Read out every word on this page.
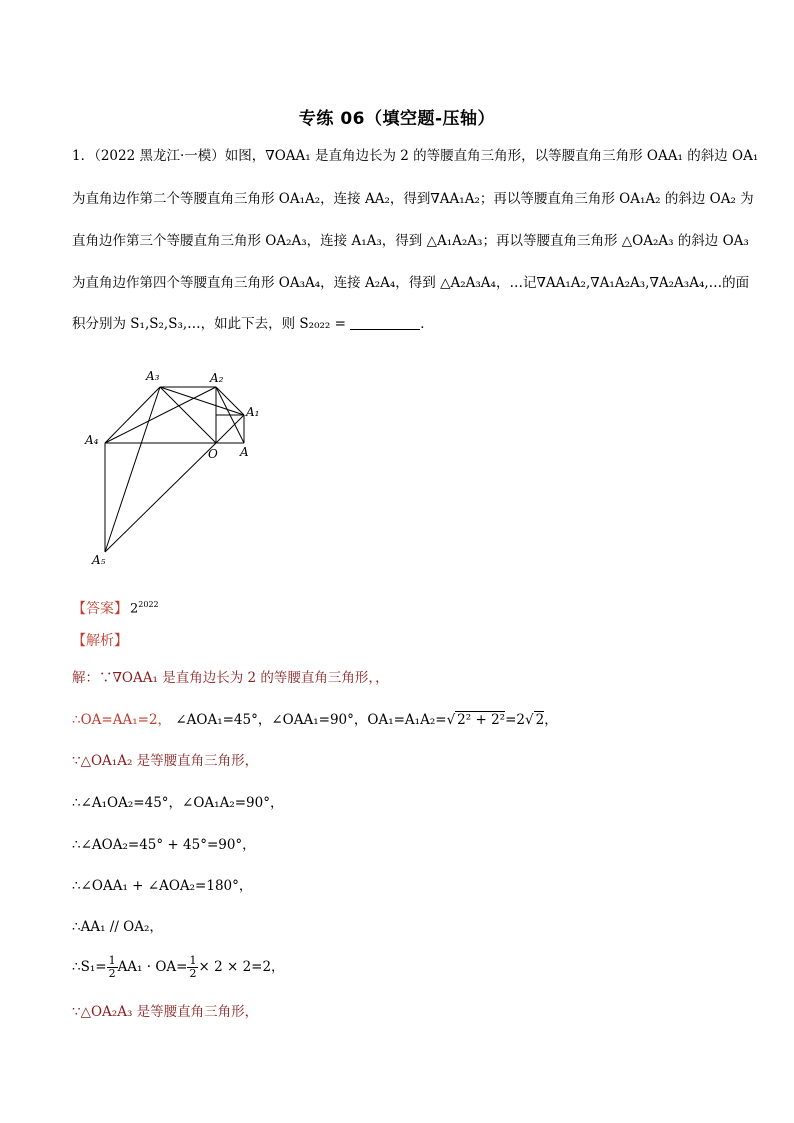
专练 06（填空题-压轴）
1．（2022 黑龙江·一模）如图，∇OAA₁ 是直角边长为 2 的等腰直角三角形，以等腰直角三角形 OAA₁ 的斜边 OA₁
为直角边作第二个等腰直角三角形 OA₁A₂，连接 AA₂，得到∇AA₁A₂；再以等腰直角三角形 OA₁A₂ 的斜边 OA₂ 为
直角边作第三个等腰直角三角形 OA₂A₃，连接 A₁A₃，得到 △A₁A₂A₃；再以等腰直角三角形 △OA₂A₃ 的斜边 OA₃
为直角边作第四个等腰直角三角形 OA₃A₄，连接 A₂A₄，得到 △A₂A₃A₄，…记∇AA₁A₂,∇A₁A₂A₃,∇A₂A₃A₄,…的面
积分别为 S₁,S₂,S₃,…，如此下去，则 S₂₀₂₂ =	．
A₃	A₂
A₁
A₄
O A
A₅
【答案】 $2^{2022}$
【解析】
解：∵∇OAA₁ 是直角边长为 2 的等腰直角三角形，，
∴OA=AA₁=2， ∠AOA₁=45°，∠OAA₁=90°，OA₁=A₁A₂=√ 2² + 2²=2√ 2，
∵△OA₁A₂ 是等腰直角三角形，
∴∠A₁OA₂=45°，∠OA₁A₂=90°，
∴∠AOA₂=45° + 45°=90°，
∴∠OAA₁ + ∠AOA₂=180°，
∴AA₁ // OA₂，
∴S₁= $\frac{1}{2} AA_1 \cdot OA= \frac{1}{2} \times 2 \times 2=2$，
∵△OA₂A₃ 是等腰直角三角形，
